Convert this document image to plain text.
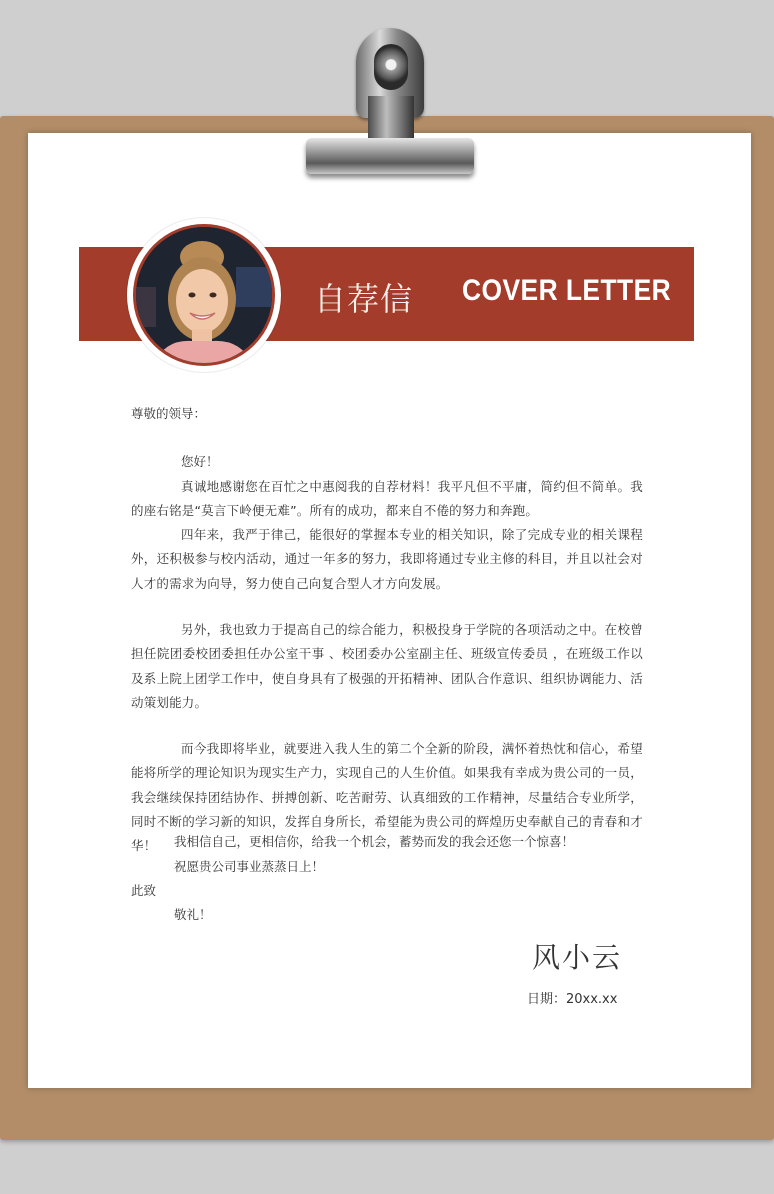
自荐信 COVER LETTER
尊敬的领导：
您好！
真诚地感谢您在百忙之中惠阅我的自荐材料！我平凡但不平庸，简约但不简单。我的座右铭是“莫言下岭便无难”。所有的成功，都来自不倦的努力和奔跑。
四年来，我严于律己，能很好的掌握本专业的相关知识，除了完成专业的相关课程外，还积极参与校内活动，通过一年多的努力，我即将通过专业主修的科目，并且以社会对人才的需求为向导，努力使自己向复合型人才方向发展。
另外，我也致力于提高自己的综合能力，积极投身于学院的各项活动之中。在校曾担任院团委校团委担任办公室干事 、校团委办公室副主任、班级宣传委员 ，在班级工作以及系上院上团学工作中，使自身具有了极强的开拓精神、团队合作意识、组织协调能力、活动策划能力。
而今我即将毕业，就要进入我人生的第二个全新的阶段，满怀着热忱和信心，希望能将所学的理论知识为现实生产力，实现自己的人生价值。如果我有幸成为贵公司的一员，我会继续保持团结协作、拼搏创新、吃苦耐劳、认真细致的工作精神，尽量结合专业所学，同时不断的学习新的知识，发挥自身所长，希望能为贵公司的辉煌历史奉献自己的青春和才华！	我相信自己，更相信你，给我一个机会，蓄势而发的我会还您一个惊喜！
祝愿贵公司事业蒸蒸日上！
此致
敬礼！
风小云
日期：20xx.xx
